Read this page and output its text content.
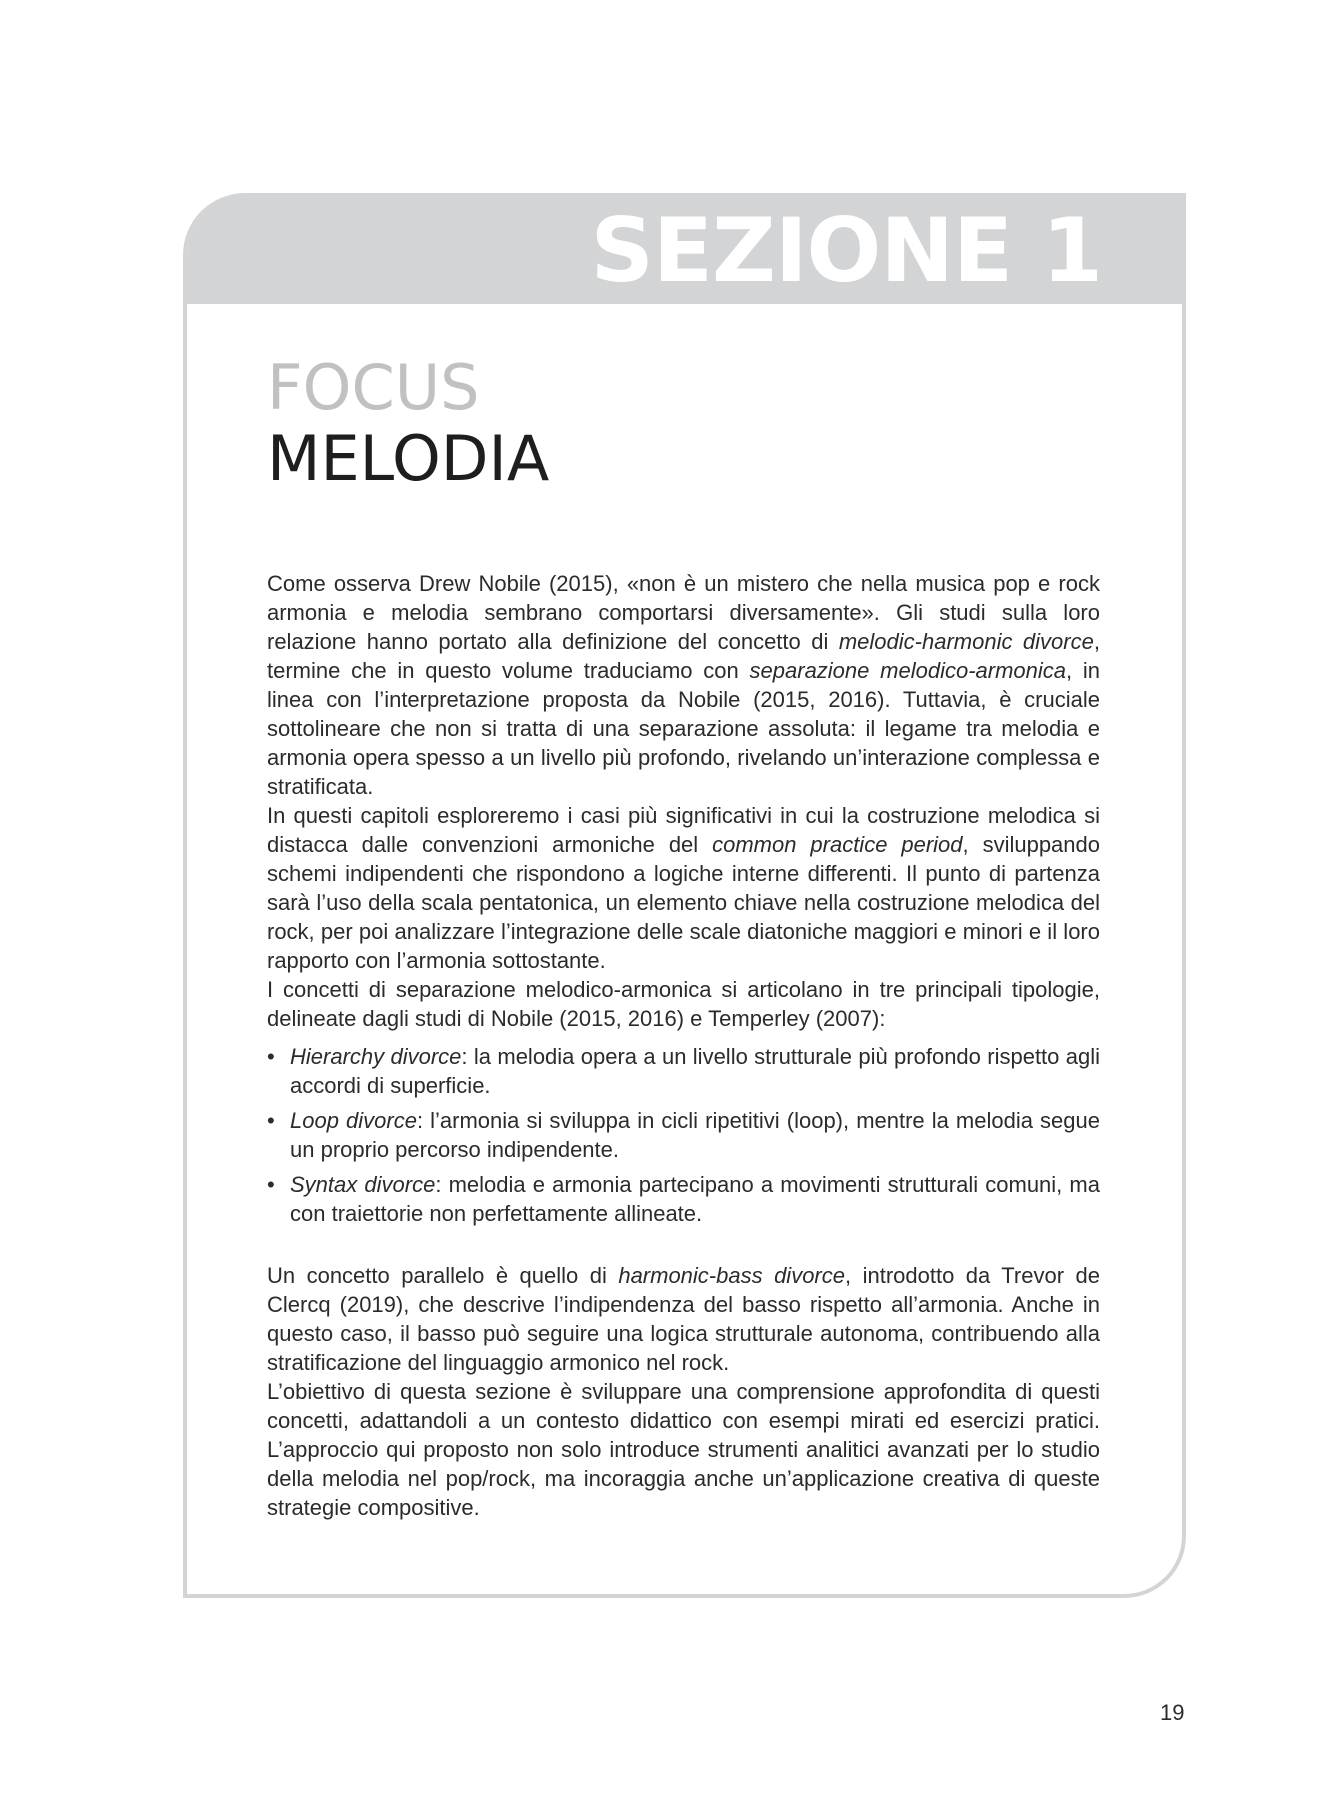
SEZIONE 1
FOCUS
MELODIA

Come osserva Drew Nobile (2015), «non è un mistero che nella musica pop e rock armonia e melodia sembrano comportarsi diversamente». Gli studi sulla loro relazione hanno portato alla definizione del concetto di melodic-harmonic divorce, termine che in questo volume traduciamo con separazione melodico-armonica, in linea con l’interpretazione proposta da Nobile (2015, 2016). Tuttavia, è cruciale sottolineare che non si tratta di una separazione assoluta: il legame tra melodia e armonia opera spesso a un livello più profondo, rivelando un’interazione complessa e stratificata.

In questi capitoli esploreremo i casi più significativi in cui la costruzione melodica si distacca dalle convenzioni armoniche del common practice period, sviluppando schemi indipendenti che rispondono a logiche interne differenti. Il punto di partenza sarà l’uso della scala pentatonica, un elemento chiave nella costruzione melodica del rock, per poi analizzare l’integrazione delle scale diatoniche maggiori e minori e il loro rapporto con l’armonia sottostante.

I concetti di separazione melodico-armonica si articolano in tre principali tipologie, delineate dagli studi di Nobile (2015, 2016) e Temperley (2007):

• Hierarchy divorce: la melodia opera a un livello strutturale più profondo rispetto agli accordi di superficie.
• Loop divorce: l’armonia si sviluppa in cicli ripetitivi (loop), mentre la melodia segue un proprio percorso indipendente.
• Syntax divorce: melodia e armonia partecipano a movimenti strutturali comuni, ma con traiettorie non perfettamente allineate.

Un concetto parallelo è quello di harmonic-bass divorce, introdotto da Trevor de Clercq (2019), che descrive l’indipendenza del basso rispetto all’armonia. Anche in questo caso, il basso può seguire una logica strutturale autonoma, contribuendo alla stratificazione del linguaggio armonico nel rock.

L’obiettivo di questa sezione è sviluppare una comprensione approfondita di questi concetti, adattandoli a un contesto didattico con esempi mirati ed esercizi pratici. L’approccio qui proposto non solo introduce strumenti analitici avanzati per lo studio della melodia nel pop/rock, ma incoraggia anche un’applicazione creativa di queste strategie compositive.

19
